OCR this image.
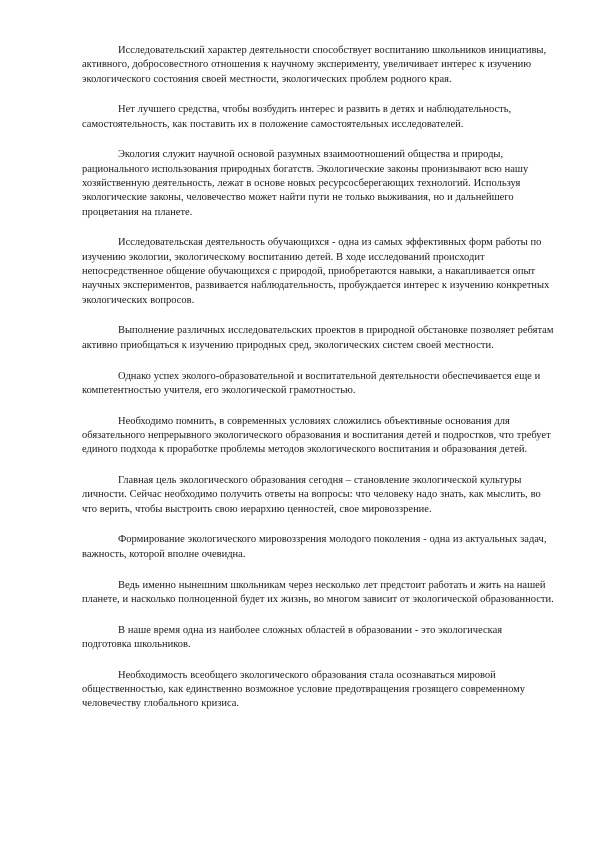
Исследовательский характер деятельности способствует воспитанию школьников инициативы, активного, добросовестного отношения к научному эксперименту, увеличивает интерес к изучению экологического состояния своей местности, экологических проблем родного края.

Нет лучшего средства, чтобы возбудить интерес и развить в детях и наблюдательность, самостоятельность, как поставить их в положение самостоятельных исследователей.

Экология служит научной основой разумных взаимоотношений общества и природы, рационального использования природных богатств. Экологические законы пронизывают всю нашу хозяйственную деятельность, лежат в основе новых ресурсосберегающих технологий. Используя экологические законы, человечество может найти пути не только выживания, но и дальнейшего процветания на планете.

Исследовательская деятельность обучающихся - одна из самых эффективных форм работы по изучению экологии, экологическому воспитанию детей. В ходе исследований происходит непосредственное общение обучающихся с природой, приобретаются навыки, а накапливается опыт научных экспериментов, развивается наблюдательность, пробуждается интерес к изучению конкретных экологических вопросов.

Выполнение различных исследовательских проектов в природной обстановке позволяет ребятам активно приобщаться к изучению природных сред, экологических систем своей местности.

Однако успех эколого-образовательной и воспитательной деятельности обеспечивается еще и компетентностью учителя, его экологической грамотностью.

Необходимо помнить, в современных условиях сложились объективные основания для обязательного непрерывного экологического образования и воспитания детей и подростков, что требует единого подхода к проработке проблемы методов экологического воспитания и образования детей.

Главная цель экологического образования сегодня – становление экологической культуры личности. Сейчас необходимо получить ответы на вопросы: что человеку надо знать, как мыслить, во что верить, чтобы выстроить свою иерархию ценностей, свое мировоззрение.

Формирование экологического мировоззрения молодого поколения - одна из актуальных задач, важность, которой вполне очевидна.

Ведь именно нынешним школьникам через несколько лет предстоит работать и жить на нашей планете, и насколько полноценной будет их жизнь, во многом зависит от экологической образованности.

В наше время одна из наиболее сложных областей в образовании - это экологическая подготовка школьников.

Необходимость всеобщего экологического образования стала осознаваться мировой общественностью, как единственно возможное условие предотвращения грозящего современному человечеству глобального кризиса.
